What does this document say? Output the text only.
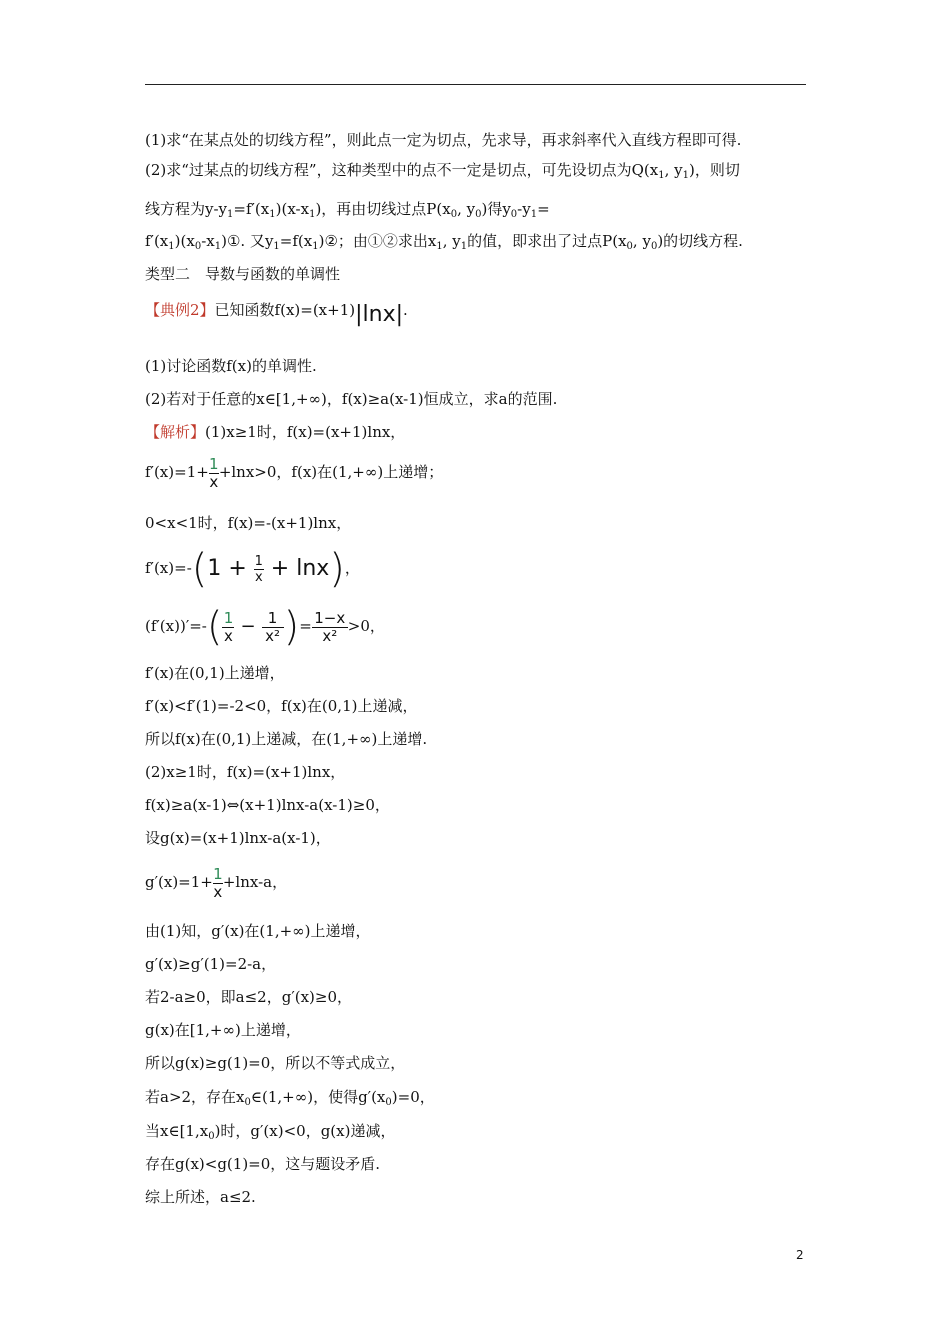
(1)求“在某点处的切线方程”，则此点一定为切点，先求导，再求斜率代入直线方程即可得.
(2)求“过某点的切线方程”，这种类型中的点不一定是切点，可先设切点为$Q(x_1$, $y_1$)，则切
线方程为$y-y_1=f'(x_1)(x-x_1)$，再由切线过点$P(x_0$, $y_0$)得$y_0-y_1=$
$f'(x_1)(x_0-x_1)①$. 又$y_1=f(x_1)②$；由①②求出$x_1$, $y_1$的值，即求出了过点$P(x_0$, $y_0$)的切线方程.
类型二　导数与函数的单调性
【典例2】已知函数f(x)=(x+1)|lnx|.
(1)讨论函数f(x)的单调性.
(2)若对于任意的x∈[1,+∞)，f(x)≥a(x-1)恒成立，求a的范围.
【解析】(1)x≥1时，f(x)=(x+1)lnx，
$f'(x)=1+ \frac{1}{x} +\ln x>0$，f(x)在(1,+∞)上递增；
0<x<1时，f(x)=-(x+1)lnx，
$f'(x)=-(1 + \frac{1}{x} + \ln x)$，
$(f'(x))'=-( \frac{1}{x} - \frac{1}{\text{x²}}$ )= $\frac{1-x}{\text{x²}} >0$，
f′(x)在(0,1)上递增，
f′(x)<f′(1)=-2<0，f(x)在(0,1)上递减，
所以f(x)在(0,1)上递减，在(1,+∞)上递增.
(2)x≥1时，f(x)=(x+1)lnx，
f(x)≥a(x-1)⇔(x+1)lnx-a(x-1)≥0，
设g(x)=(x+1)lnx-a(x-1)，
$g'(x)=1+ \frac{1}{x} +\ln x-a$，
由(1)知，g′(x)在(1,+∞)上递增，
g′(x)≥g′(1)=2-a，
若2-a≥0，即a≤2，g′(x)≥0，
g(x)在[1,+∞)上递增，
所以g(x)≥g(1)=0，所以不等式成立，
若a>2，存在$x_0\in(1,+\infty)$，使得$g'(x_0)=0$，
当$x\in[1,x_0)$时，g′(x)<0，g(x)递减，
存在g(x)<g(1)=0，这与题设矛盾.
综上所述，a≤2.
2
